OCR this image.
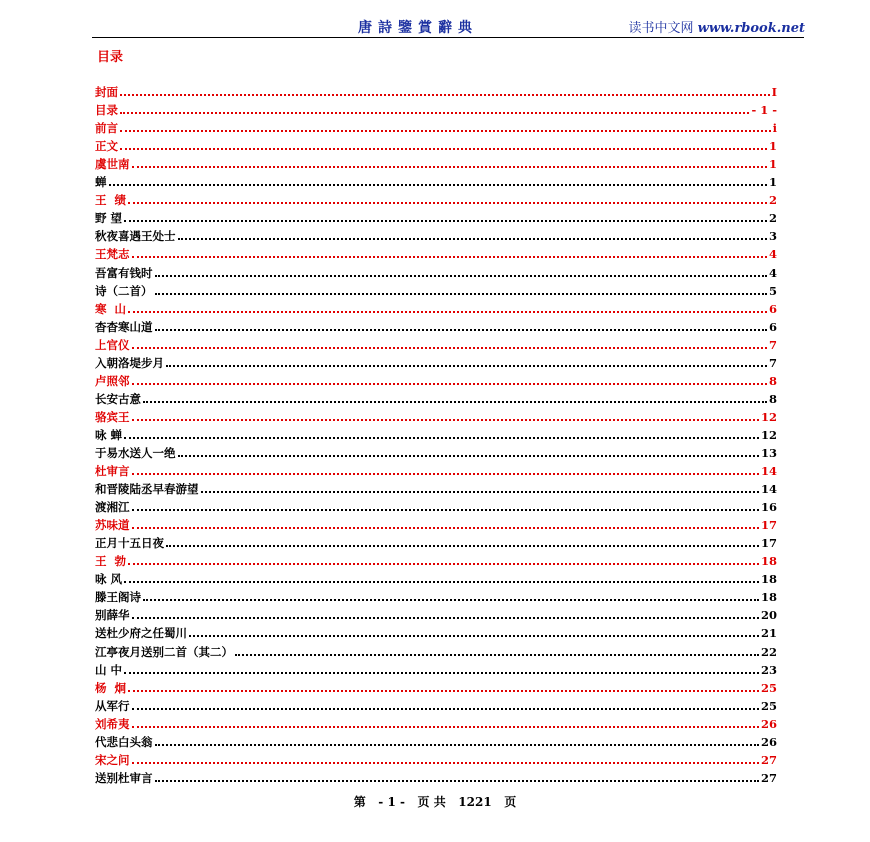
唐詩鑒賞辭典	读书中文网 www.rbook.net
目录
封面	I
目录	- 1 -
前言	i
正文	1
虞世南	1
蝉	1
王  绩	2
野 望	2
秋夜喜遇王处士	3
王梵志	4
吾富有钱时	4
诗（二首）	5
寒  山	6
杳杳寒山道	6
上官仪	7
入朝洛堤步月	7
卢照邻	8
长安古意	8
骆宾王	12
咏 蝉	12
于易水送人一绝	13
杜审言	14
和晋陵陆丞早春游望	14
渡湘江	16
苏味道	17
正月十五日夜	17
王  勃	18
咏 风	18
滕王阁诗	18
别薛华	20
送杜少府之任蜀川	21
江亭夜月送别二首（其二）	22
山 中	23
杨  炯	25
从军行	25
刘希夷	26
代悲白头翁	26
宋之问	27
送别杜审言	27
第 - 1 - 页 共 1221 页
